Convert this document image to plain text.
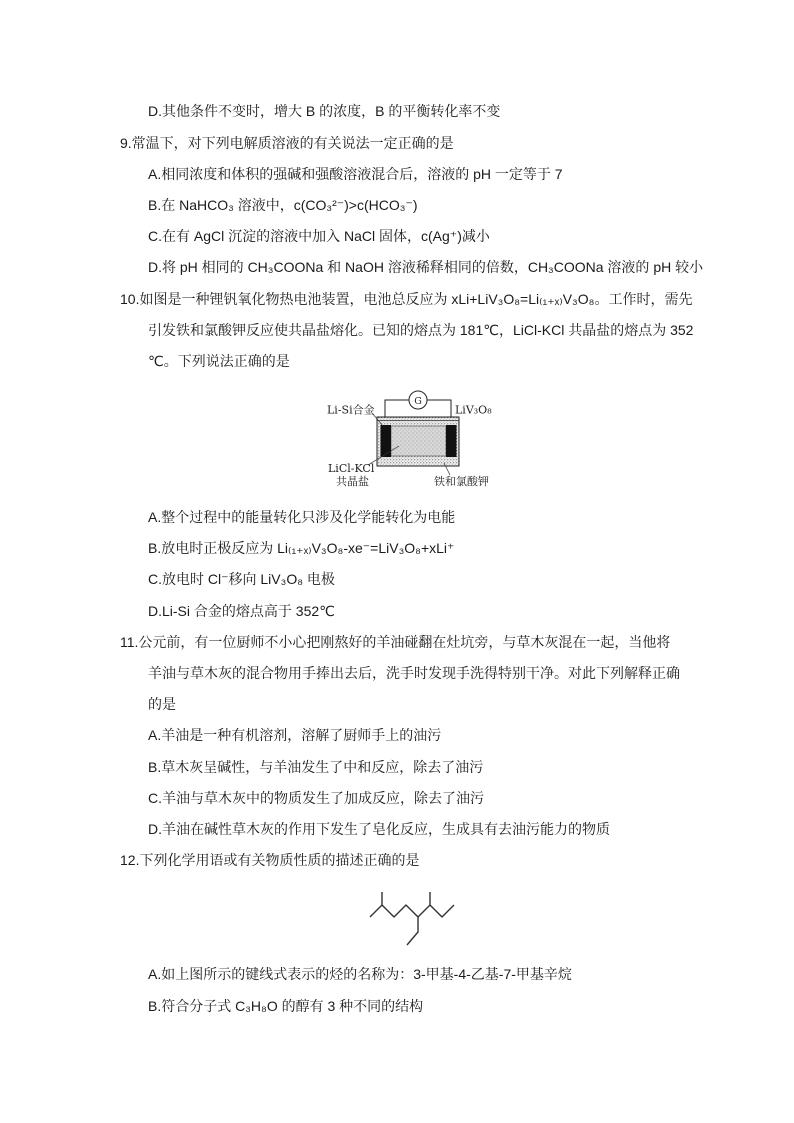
D.其他条件不变时，增大 B 的浓度，B 的平衡转化率不变
9.常温下，对下列电解质溶液的有关说法一定正确的是
A.相同浓度和体积的强碱和强酸溶液混合后，溶液的 pH 一定等于 7
B.在 NaHCO₃ 溶液中，c(CO₃²⁻)>c(HCO₃⁻)
C.在有 AgCl 沉淀的溶液中加入 NaCl 固体，c(Ag⁺)减小
D.将 pH 相同的 CH₃COONa 和 NaOH 溶液稀释相同的倍数，CH₃COONa 溶液的 pH 较小
10.如图是一种锂钒氧化物热电池装置，电池总反应为 xLi+LiV₃O₈=Li₍₁₊ₓ₎V₃O₈。工作时，需先
引发铁和氯酸钾反应使共晶盐熔化。已知的熔点为 181℃，LiCl-KCl 共晶盐的熔点为 352
℃。下列说法正确的是
G
Li-Si合金	LiV₃O₈
LiCl-KCl
共晶盐	铁和氯酸钾
A.整个过程中的能量转化只涉及化学能转化为电能
B.放电时正极反应为 Li₍₁₊ₓ₎V₃O₈-xe⁻=LiV₃O₈+xLi⁺
C.放电时 Cl⁻移向 LiV₃O₈ 电极
D.Li-Si 合金的熔点高于 352℃
11.公元前，有一位厨师不小心把刚熬好的羊油碰翻在灶坑旁，与草木灰混在一起，当他将
羊油与草木灰的混合物用手捧出去后，洗手时发现手洗得特别干净。对此下列解释正确
的是
A.羊油是一种有机溶剂，溶解了厨师手上的油污
B.草木灰呈碱性，与羊油发生了中和反应，除去了油污
C.羊油与草木灰中的物质发生了加成反应，除去了油污
D.羊油在碱性草木灰的作用下发生了皂化反应，生成具有去油污能力的物质
12.下列化学用语或有关物质性质的描述正确的是
A.如上图所示的键线式表示的烃的名称为：3-甲基-4-乙基-7-甲基辛烷
B.符合分子式 C₃H₈O 的醇有 3 种不同的结构
